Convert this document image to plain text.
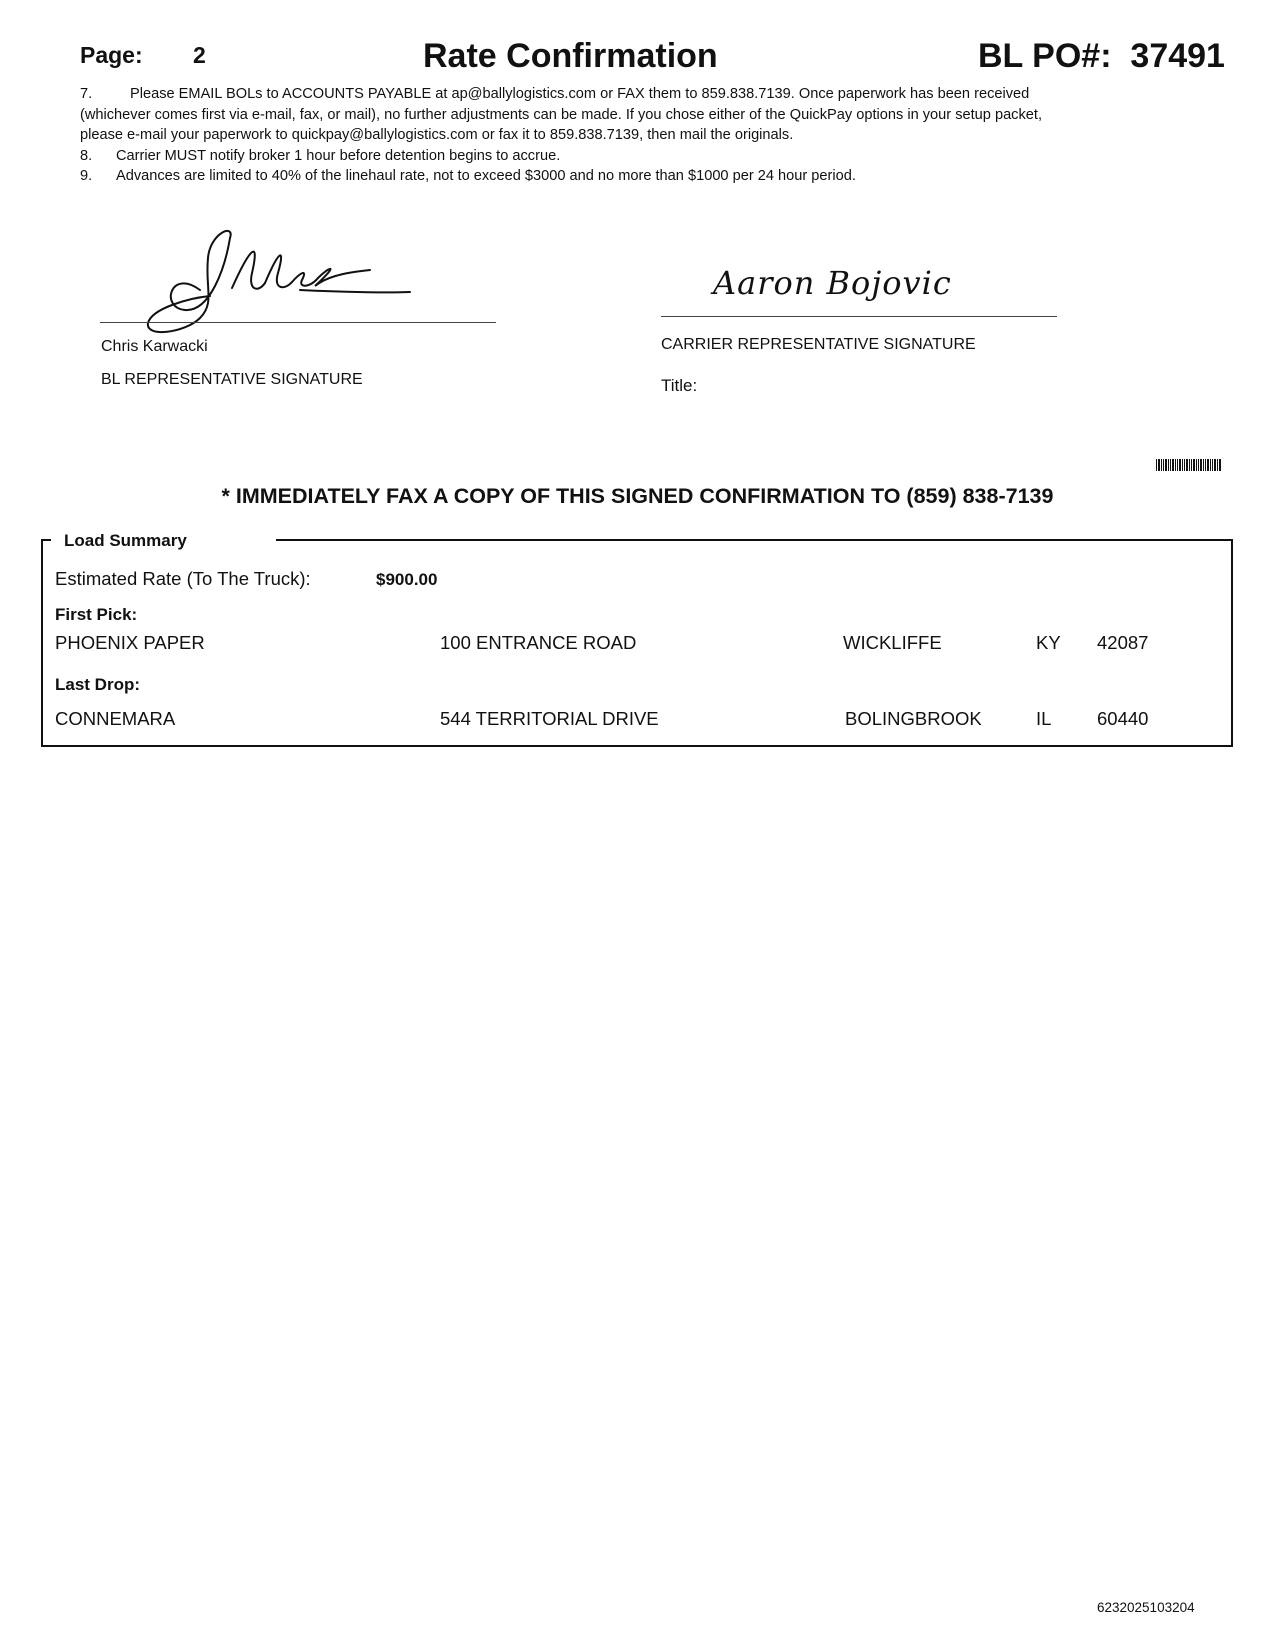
Page: 2	Rate Confirmation	BL PO#: 37491
7.	Please EMAIL BOLs to ACCOUNTS PAYABLE at ap@ballylogistics.com or FAX them to 859.838.7139. Once paperwork has been received (whichever comes first via e-mail, fax, or mail), no further adjustments can be made. If you chose either of the QuickPay options in your setup packet, please e-mail your paperwork to quickpay@ballylogistics.com or fax it to 859.838.7139, then mail the originals.
8. Carrier MUST notify broker 1 hour before detention begins to accrue.
9. Advances are limited to 40% of the linehaul rate, not to exceed $3000 and no more than $1000 per 24 hour period.
Chris Karwacki
BL REPRESENTATIVE SIGNATURE
Aaron Bojovic
CARRIER REPRESENTATIVE SIGNATURE
Title:
* IMMEDIATELY FAX A COPY OF THIS SIGNED CONFIRMATION TO (859) 838-7139
Load Summary
Estimated Rate (To The Truck):	$900.00
First Pick:
PHOENIX PAPER	100 ENTRANCE ROAD	WICKLIFFE	KY 42087
Last Drop:
CONNEMARA	544 TERRITORIAL DRIVE	BOLINGBROOK	IL 60440
6232025103204
